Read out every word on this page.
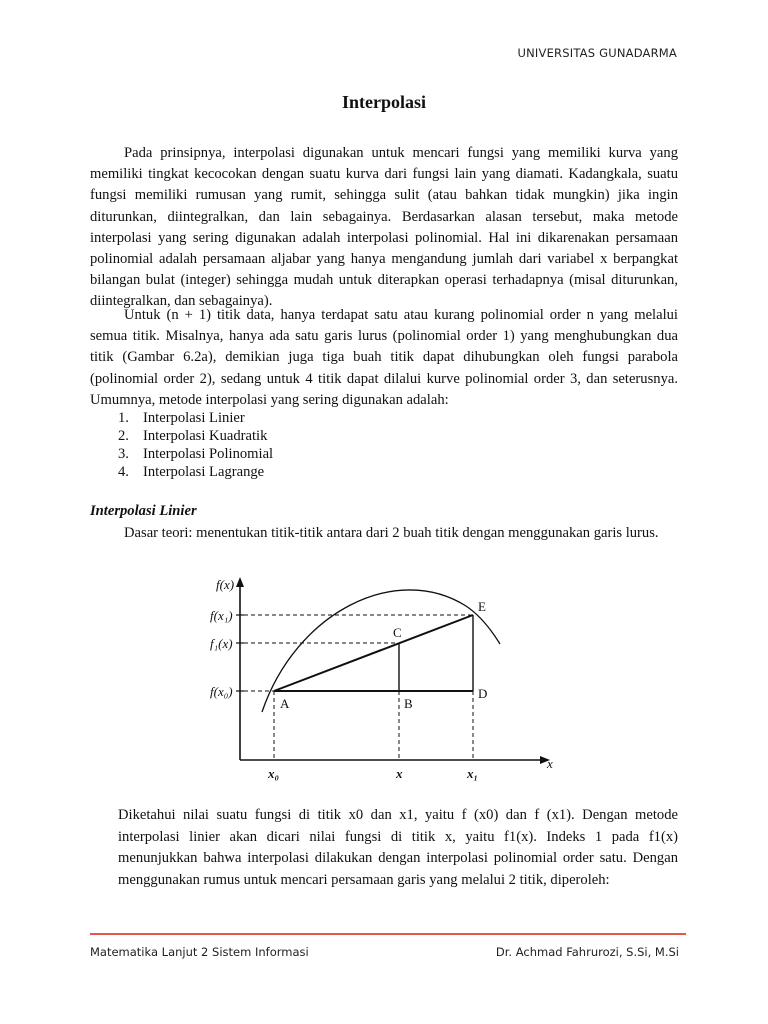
UNIVERSITAS GUNADARMA
Interpolasi

Pada prinsipnya, interpolasi digunakan untuk mencari fungsi yang memiliki kurva yang memiliki tingkat kecocokan dengan suatu kurva dari fungsi lain yang diamati. Kadangkala, suatu fungsi memiliki rumusan yang rumit, sehingga sulit (atau bahkan tidak mungkin) jika ingin diturunkan, diintegralkan, dan lain sebagainya. Berdasarkan alasan tersebut, maka metode interpolasi yang sering digunakan adalah interpolasi polinomial. Hal ini dikarenakan persamaan polinomial adalah persamaan aljabar yang hanya mengandung jumlah dari variabel x berpangkat bilangan bulat (integer) sehingga mudah untuk diterapkan operasi terhadapnya (misal diturunkan, diintegralkan, dan sebagainya).

Untuk (n + 1) titik data, hanya terdapat satu atau kurang polinomial order n yang melalui semua titik. Misalnya, hanya ada satu garis lurus (polinomial order 1) yang menghubungkan dua titik (Gambar 6.2a), demikian juga tiga buah titik dapat dihubungkan oleh fungsi parabola (polinomial order 2), sedang untuk 4 titik dapat dilalui kurve polinomial order 3, dan seterusnya. Umumnya, metode interpolasi yang sering digunakan adalah:

1. Interpolasi Linier
2. Interpolasi Kuadratik
3. Interpolasi Polinomial
4. Interpolasi Lagrange
Interpolasi Linier

Dasar teori: menentukan titik-titik antara dari 2 buah titik dengan menggunakan garis lurus.

f(x)
x
f(x₁)
f₁(x)
f(x₀)
x₀	x	x₁
A	B
C
D
E

Diketahui nilai suatu fungsi di titik x0 dan x1, yaitu f (x0) dan f (x1). Dengan metode interpolasi linier akan dicari nilai fungsi di titik x, yaitu f1(x). Indeks 1 pada f1(x) menunjukkan bahwa interpolasi dilakukan dengan interpolasi polinomial order satu. Dengan menggunakan rumus untuk mencari persamaan garis yang melalui 2 titik, diperoleh:

Matematika Lanjut 2 Sistem Informasi	Dr. Achmad Fahrurozi, S.Si, M.Si
